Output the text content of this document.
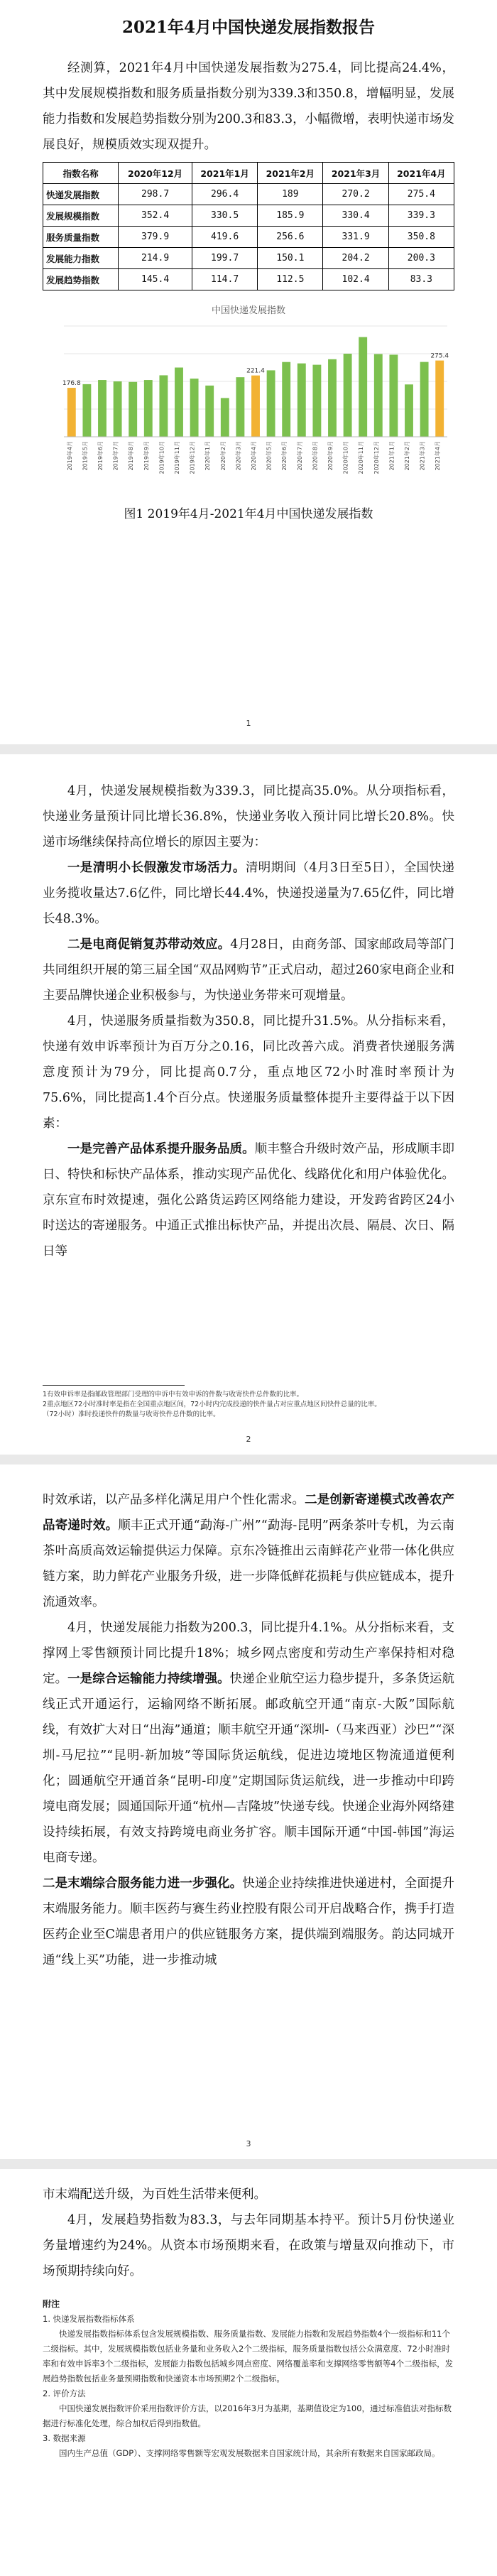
2021年4月中国快递发展指数报告

经测算，2021年4月中国快递发展指数为275.4，同比提高24.4%，其中发展规模指数和服务质量指数分别为339.3和350.8，增幅明显，发展能力指数和发展趋势指数分别为200.3和83.3，小幅微增，表明快递市场发展良好，规模质效实现双提升。

指数名称	2020年12月	2021年1月	2021年2月	2021年3月	2021年4月
快递发展指数	298.7	296.4	189	270.2	275.4
发展规模指数	352.4	330.5	185.9	330.4	339.3
服务质量指数	379.9	419.6	256.6	331.9	350.8
发展能力指数	214.9	199.7	150.1	204.2	200.3
发展趋势指数	145.4	114.7	112.5	102.4	83.3
中国快递发展指数
176.8
2019年4月 2019年5月 2019年6月 2019年7月 2019年8月 2019年9月 2019年10月 2019年11月 2019年12月 2020年1月 2020年2月 2020年3月
221.4
2020年4月 2020年5月 2020年6月 2020年7月 2020年8月 2020年9月 2020年10月 2020年11月 2020年12月 2021年1月 2021年2月 2021年3月
275.4
2021年4月

图1 2019年4月-2021年4月中国快递发展指数

1

4月，快递发展规模指数为339.3，同比提高35.0%。从分项指标看，快递业务量预计同比增长36.8%，快递业务收入预计同比增长20.8%。快递市场继续保持高位增长的原因主要为：

一是清明小长假激发市场活力。清明期间（4月3日至5日），全国快递业务揽收量达7.6亿件，同比增长44.4%，快递投递量为7.65亿件，同比增长48.3%。

二是电商促销复苏带动效应。4月28日，由商务部、国家邮政局等部门共同组织开展的第三届全国“双品网购节”正式启动，超过260家电商企业和主要品牌快递企业积极参与，为快递业务带来可观增量。

4月，快递服务质量指数为350.8，同比提升31.5%。从分指标来看，快递有效申诉率预计为百万分之0.16，同比改善六成。消费者快递服务满意度预计为79分，同比提高0.7分，重点地区72小时准时率预计为75.6%，同比提高1.4个百分点。快递服务质量整体提升主要得益于以下因素：

一是完善产品体系提升服务品质。顺丰整合升级时效产品，形成顺丰即日、特快和标快产品体系，推动实现产品优化、线路优化和用户体验优化。京东宣布时效提速，强化公路货运跨区网络能力建设，开发跨省跨区24小时送达的寄递服务。中通正式推出标快产品，并提出次晨、隔晨、次日、隔日等

1有效申诉率是指邮政管理部门受理的申诉中有效申诉的件数与收寄快件总件数的比率。
2重点地区72小时准时率是指在全国重点地区间，72小时内完成投递的快件量占对应重点地区间快件总量的比率。
（72小时）准时投递快件的数量与收寄快件总件数的比率。
2

时效承诺，以产品多样化满足用户个性化需求。二是创新寄递模式改善农产品寄递时效。顺丰正式开通“勐海-广州”“勐海-昆明”两条茶叶专机，为云南茶叶高质高效运输提供运力保障。京东冷链推出云南鲜花产业带一体化供应链方案，助力鲜花产业服务升级，进一步降低鲜花损耗与供应链成本，提升流通效率。

4月，快递发展能力指数为200.3，同比提升4.1%。从分指标来看，支撑网上零售额预计同比提升18%；城乡网点密度和劳动生产率保持相对稳定。一是综合运输能力持续增强。快递企业航空运力稳步提升，多条货运航线正式开通运行，运输网络不断拓展。邮政航空开通“南京-大阪”国际航线，有效扩大对日“出海”通道；顺丰航空开通“深圳-（马来西亚）沙巴”“深圳-马尼拉”“昆明-新加坡”等国际货运航线，促进边境地区物流通道便利化；圆通航空开通首条“昆明-印度”定期国际货运航线，进一步推动中印跨境电商发展；圆通国际开通“杭州—吉隆坡”快递专线。快递企业海外网络建设持续拓展，有效支持跨境电商业务扩容。顺丰国际开通“中国-韩国”海运电商专递。

二是末端综合服务能力进一步强化。快递企业持续推进快递进村，全面提升末端服务能力。顺丰医药与赛生药业控股有限公司开启战略合作，携手打造医药企业至C端患者用户的供应链服务方案，提供端到端服务。韵达同城开通“线上买”功能，进一步推动城

3

市末端配送升级，为百姓生活带来便利。

4月，发展趋势指数为83.3，与去年同期基本持平。预计5月份快递业务量增速约为24%。从资本市场预期来看，在政策与增量双向推动下，市场预期持续向好。

附注
1. 快递发展指数指标体系
快递发展指数指标体系包含发展规模指数、服务质量指数、发展能力指数和发展趋势指数4个一级指标和11个二级指标。其中，发展规模指数包括业务量和业务收入2个二级指标，服务质量指数包括公众满意度、72小时准时率和有效申诉率3个二级指标，发展能力指数包括城乡网点密度、网络覆盖率和支撑网络零售额等4个二级指标，发展趋势指数包括业务量预期指数和快递资本市场预期2个二级指标。
2. 评价方法
中国快递发展指数评价采用指数评价方法，以2016年3月为基期，基期值设定为100，通过标准值法对指标数据进行标准化处理，综合加权后得到指数值。
3. 数据来源
国内生产总值（GDP）、支撑网络零售额等宏观发展数据来自国家统计局，其余所有数据来自国家邮政局。
